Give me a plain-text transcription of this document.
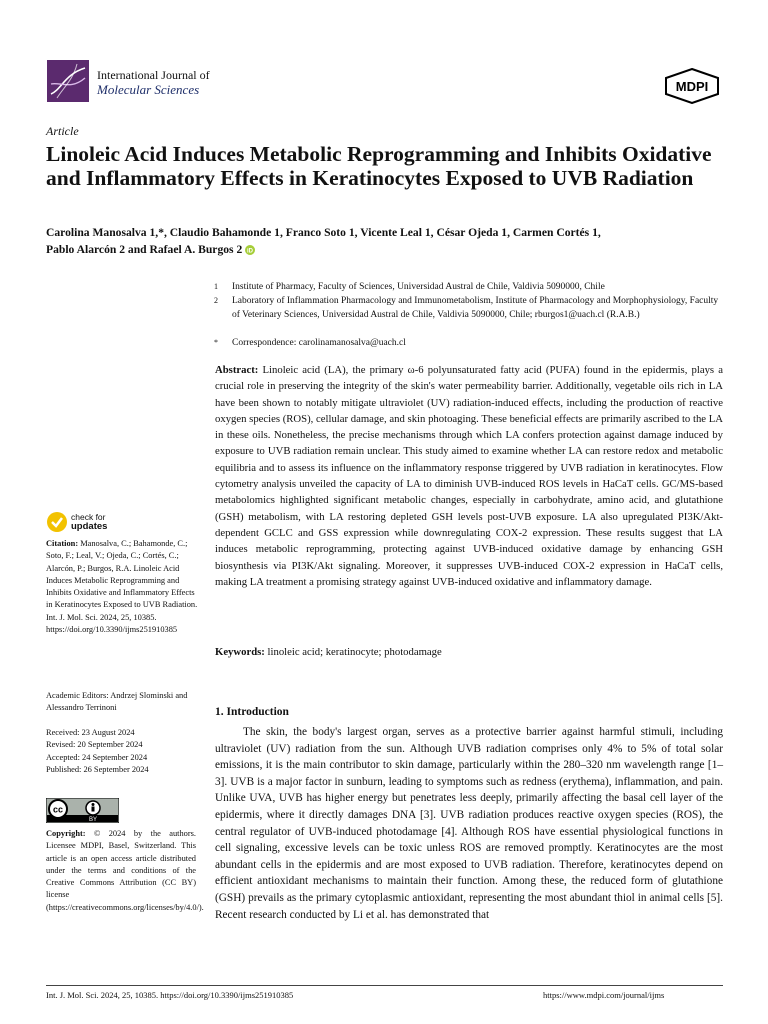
International Journal of
Molecular Sciences	MDPI
Article
Linoleic Acid Induces Metabolic Reprogramming and Inhibits Oxidative and Inflammatory Effects in Keratinocytes Exposed to UVB Radiation
Carolina Manosalva 1,*, Claudio Bahamonde 1, Franco Soto 1, Vicente Leal 1, César Ojeda 1, Carmen Cortés 1,
Pablo Alarcón 2 and Rafael A. Burgos 2 iD
1 Institute of Pharmacy, Faculty of Sciences, Universidad Austral de Chile, Valdivia 5090000, Chile
2 Laboratory of Inflammation Pharmacology and Immunometabolism, Institute of Pharmacology and Morphophysiology, Faculty of Veterinary Sciences, Universidad Austral de Chile, Valdivia 5090000, Chile; rburgos1@uach.cl (R.A.B.)
* Correspondence: carolinamanosalva@uach.cl
Abstract: Linoleic acid (LA), the primary ω-6 polyunsaturated fatty acid (PUFA) found in the epidermis, plays a crucial role in preserving the integrity of the skin's water permeability barrier. Additionally, vegetable oils rich in LA have been shown to notably mitigate ultraviolet (UV) radiation-induced effects, including the production of reactive oxygen species (ROS), cellular damage, and skin photoaging. These beneficial effects are primarily ascribed to the LA in these oils. Nonetheless, the precise mechanisms through which LA confers protection against damage induced by exposure to UVB radiation remain unclear. This study aimed to examine whether LA can restore redox and metabolic equilibria and to assess its influence on the inflammatory response triggered by UVB radiation in keratinocytes. Flow cytometry analysis unveiled the capacity of LA to diminish UVB-induced ROS levels in HaCaT cells. GC/MS-based metabolomics highlighted significant metabolic changes, especially in carbohydrate, amino acid, and glutathione (GSH) metabolism, with LA restoring depleted GSH levels post-UVB exposure. LA also upregulated PI3K/Akt-dependent GCLC and GSS expression while downregulating COX-2 expression. These results suggest that LA induces metabolic reprogramming, protecting against UVB-induced oxidative damage by enhancing GSH biosynthesis via PI3K/Akt signaling. Moreover, it suppresses UVB-induced COX-2 expression in HaCaT cells, making LA treatment a promising strategy against UVB-induced oxidative and inflammatory damage.
Keywords: linoleic acid; keratinocyte; photodamage
check for
updates
Citation: Manosalva, C.; Bahamonde, C.; Soto, F.; Leal, V.; Ojeda, C.; Cortés, C.; Alarcón, P.; Burgos, R.A. Linoleic Acid Induces Metabolic Reprogramming and Inhibits Oxidative and Inflammatory Effects in Keratinocytes Exposed to UVB Radiation. Int. J. Mol. Sci. 2024, 25, 10385. https://doi.org/10.3390/ijms251910385
Academic Editors: Andrzej Slominski and Alessandro Terrinoni
Received: 23 August 2024
Revised: 20 September 2024
Accepted: 24 September 2024
Published: 26 September 2024
cc
BY
Copyright: © 2024 by the authors. Licensee MDPI, Basel, Switzerland. This article is an open access article distributed under the terms and conditions of the Creative Commons Attribution (CC BY) license (https://creativecommons.org/licenses/by/4.0/).
1. Introduction
The skin, the body's largest organ, serves as a protective barrier against harmful stimuli, including ultraviolet (UV) radiation from the sun. Although UVB radiation comprises only 4% to 5% of total solar emissions, it is the main contributor to skin damage, particularly within the 280–320 nm wavelength range [1–3]. UVB is a major factor in sunburn, leading to symptoms such as redness (erythema), inflammation, and pain. Unlike UVA, UVB has higher energy but penetrates less deeply, primarily affecting the basal cell layer of the epidermis, where it directly damages DNA [3]. UVB radiation produces reactive oxygen species (ROS), the central regulator of UVB-induced photodamage [4]. Although ROS have essential physiological functions in cell signaling, excessive levels can be toxic unless ROS are removed promptly. Keratinocytes are the most abundant cells in the epidermis and are most exposed to UVB radiation. Therefore, keratinocytes depend on efficient antioxidant mechanisms to maintain their function. Among these, the reduced form of glutathione (GSH) prevails as the primary cytoplasmic antioxidant, representing the most abundant thiol in animal cells [5]. Recent research conducted by Li et al. has demonstrated that
Int. J. Mol. Sci. 2024, 25, 10385. https://doi.org/10.3390/ijms251910385	https://www.mdpi.com/journal/ijms
